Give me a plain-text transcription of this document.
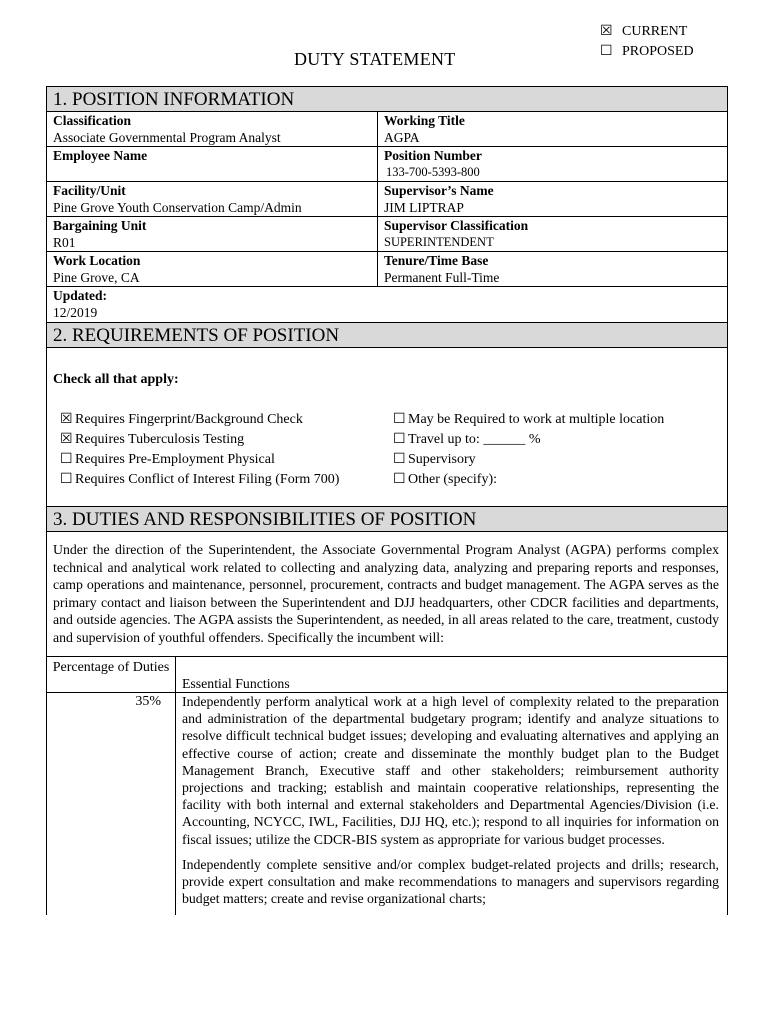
☒ CURRENT
☐ PROPOSED
DUTY STATEMENT
1. POSITION INFORMATION
Classification
Associate Governmental Program Analyst
Working Title
AGPA
Employee Name	Position Number
133-700-5393-800
Facility/Unit
Pine Grove Youth Conservation Camp/Admin
Supervisor’s Name
JIM LIPTRAP
Bargaining Unit
R01
Supervisor Classification
SUPERINTENDENT
Work Location
Pine Grove, CA
Tenure/Time Base
Permanent Full-Time
Updated:
12/2019
2. REQUIREMENTS OF POSITION
Check all that apply:
☒ Requires Fingerprint/Background Check
☒ Requires Tuberculosis Testing
☐ Requires Pre-Employment Physical
☐ Requires Conflict of Interest Filing (Form 700)
☐ May be Required to work at multiple location
☐ Travel up to: ______ %
☐ Supervisory
☐ Other (specify):
3. DUTIES AND RESPONSIBILITIES OF POSITION
Under the direction of the Superintendent, the Associate Governmental Program Analyst (AGPA) performs complex technical and analytical work related to collecting and analyzing data, analyzing and preparing reports and responses, camp operations and maintenance, personnel, procurement, contracts and budget management. The AGPA serves as the primary contact and liaison between the Superintendent and DJJ headquarters, other CDCR facilities and departments, and outside agencies. The AGPA assists the Superintendent, as needed, in all areas related to the care, treatment, custody and supervision of youthful offenders. Specifically the incumbent will:
Percentage of Duties
35%
Essential Functions

Independently perform analytical work at a high level of complexity related to the preparation and administration of the departmental budgetary program; identify and analyze situations to resolve difficult technical budget issues; developing and evaluating alternatives and applying an effective course of action; create and disseminate the monthly budget plan to the Budget Management Branch, Executive staff and other stakeholders; reimbursement authority projections and tracking; establish and maintain cooperative relationships, representing the facility with both internal and external stakeholders and Departmental Agencies/Division (i.e. Accounting, NCYCC, IWL, Facilities, DJJ HQ, etc.); respond to all inquiries for information on fiscal issues; utilize the CDCR-BIS system as appropriate for various budget processes.

Independently complete sensitive and/or complex budget-related projects and drills; research, provide expert consultation and make recommendations to managers and supervisors regarding budget matters; create and revise organizational charts;
